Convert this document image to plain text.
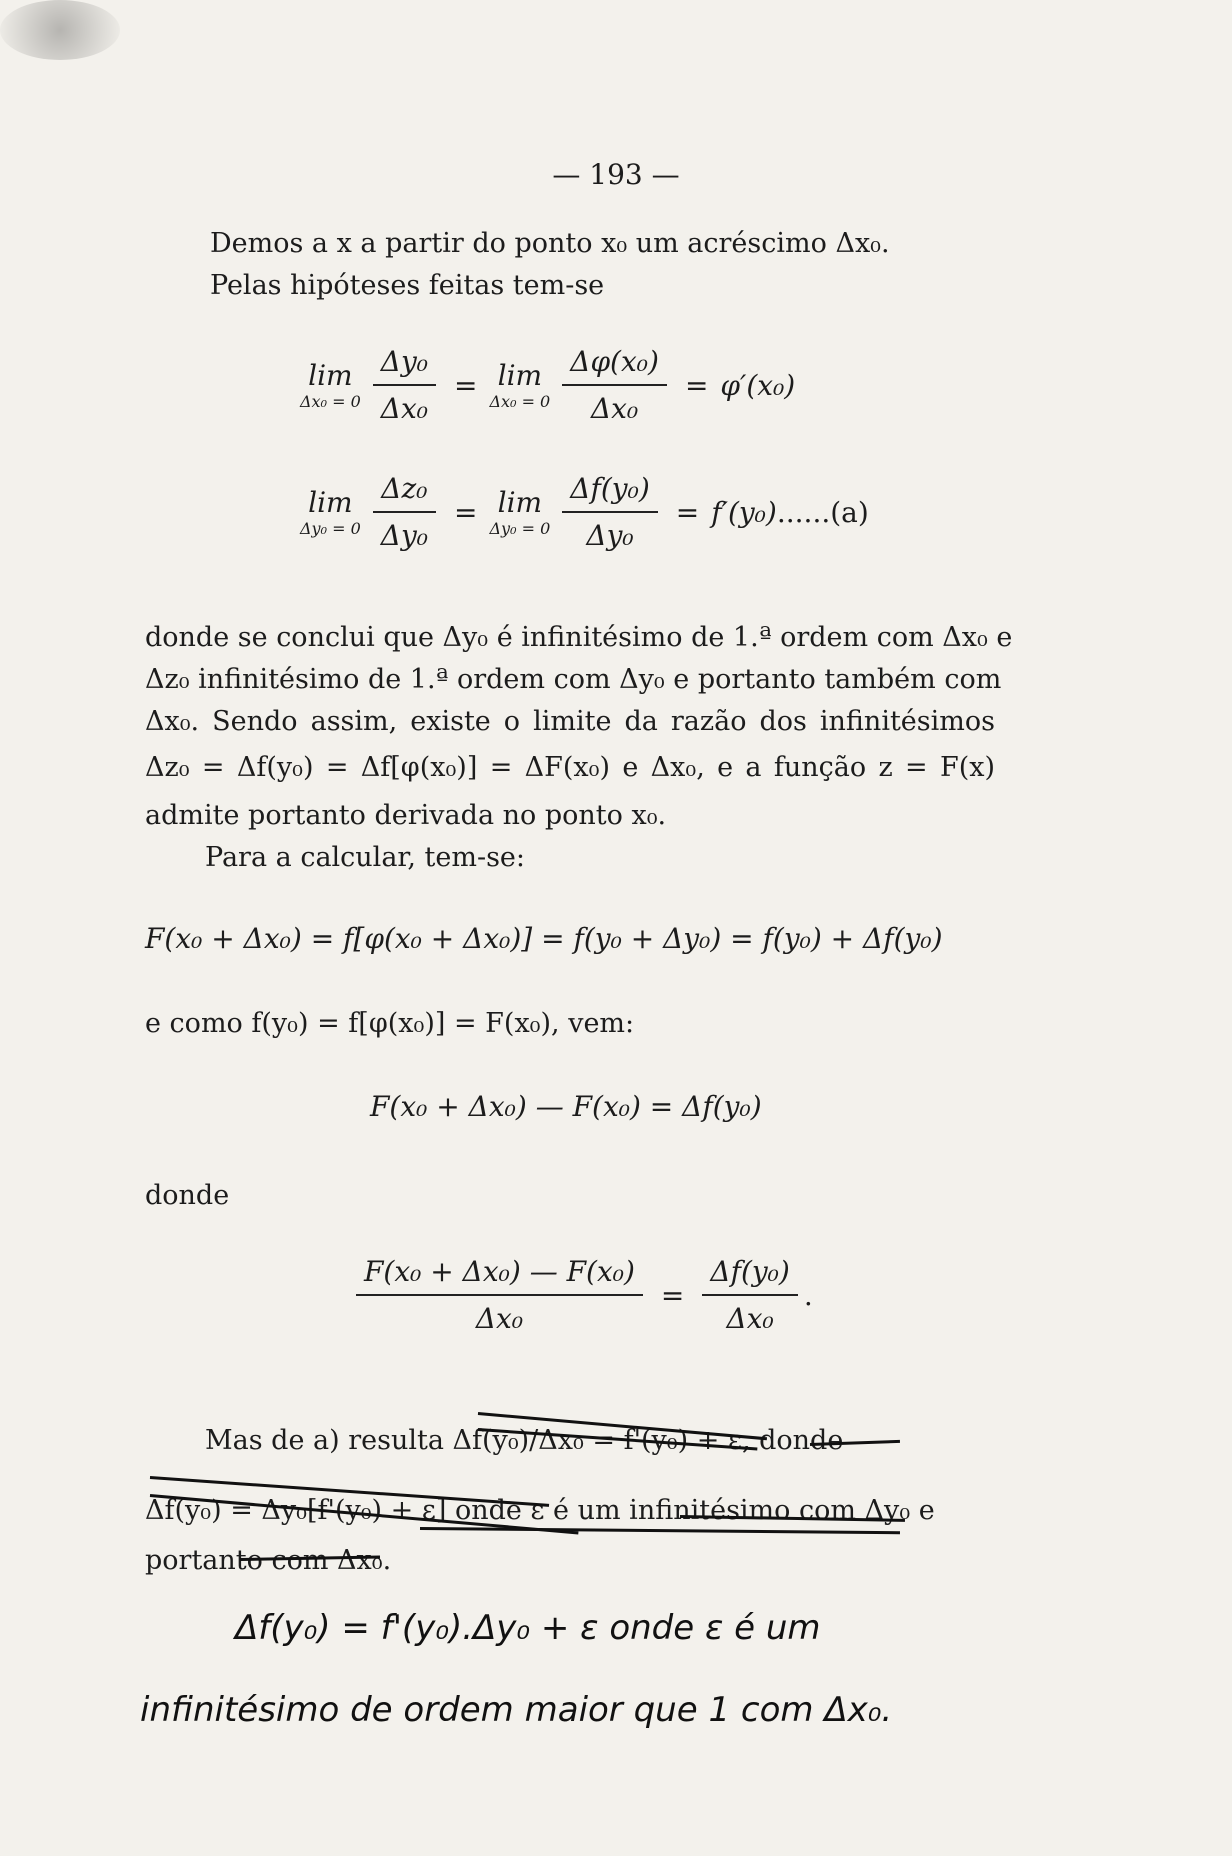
— 193 —
Demos a x a partir do ponto x₀ um acréscimo Δx₀.
Pelas hipóteses feitas tem-se
lim
$\Delta x_0 = 0 \frac{\text{Δy₀}}{\text{Δx₀}} = \lim$
$\Delta x_0 = 0 \frac{\text{Δφ(x₀)}}{\text{Δx₀}} = \varphi'(x_0)$
lim
$\Delta y_0 = 0 \frac{\text{Δz₀}}{\text{Δy₀}} = \lim$
$\Delta y_0 = 0 \frac{\text{Δf(y₀)}}{\text{Δy₀}} = f'(y_0)$...... (a)
donde se conclui que Δy₀ é infinitésimo de 1.ª ordem com Δx₀ e
Δz₀ infinitésimo de 1.ª ordem com Δy₀ e portanto também com
Δx₀. Sendo assim, existe o limite da razão dos infinitésimos
Δz₀ = Δf(y₀) = Δf[φ(x₀)] = ΔF(x₀) e Δx₀, e a função z = F(x)
admite portanto derivada no ponto x₀.
Para a calcular, tem-se:
F(x₀ + Δx₀) = f[φ(x₀ + Δx₀)] = f(y₀ + Δy₀) = f(y₀) + Δf(y₀)
e como f(y₀) = f[φ(x₀)] = F(x₀), vem:
F(x₀ + Δx₀) — F(x₀) = Δf(y₀)
donde
$\frac{\text{F(x₀ + Δx₀) — F(x₀)}}{\text{Δx₀}} = \frac{\text{Δf(y₀)}}{\text{Δx₀}}$ .
Mas de a) resulta Δf(y₀)/Δx₀ = f'(y₀) + ε, donde
Δf(y₀) = Δy₀[f'(y₀) + ε] onde ε é um infinitésimo com Δy₀ e
portanto com Δx₀.
Δf(y₀) = f'(y₀).Δy₀ + ε onde ε é um
infinitésimo de ordem maior que 1 com Δx₀.
